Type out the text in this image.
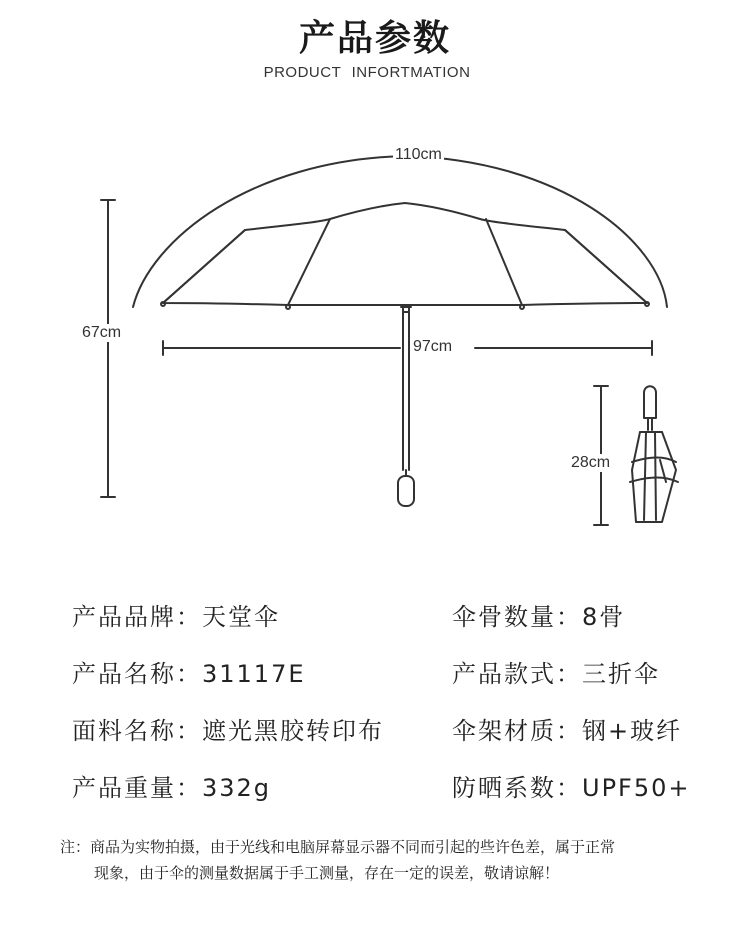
产品参数
PRODUCT INFORTMATION
110cm
67cm
97cm
28cm
产品品牌：天堂伞
产品名称：31117E
面料名称：遮光黑胶转印布
产品重量：332g
伞骨数量：8骨
产品款式：三折伞
伞架材质：钢+玻纤
防晒系数：UPF50+
注：商品为实物拍摄，由于光线和电脑屏幕显示器不同而引起的些许色差，属于正常
现象，由于伞的测量数据属于手工测量，存在一定的误差，敬请谅解！
